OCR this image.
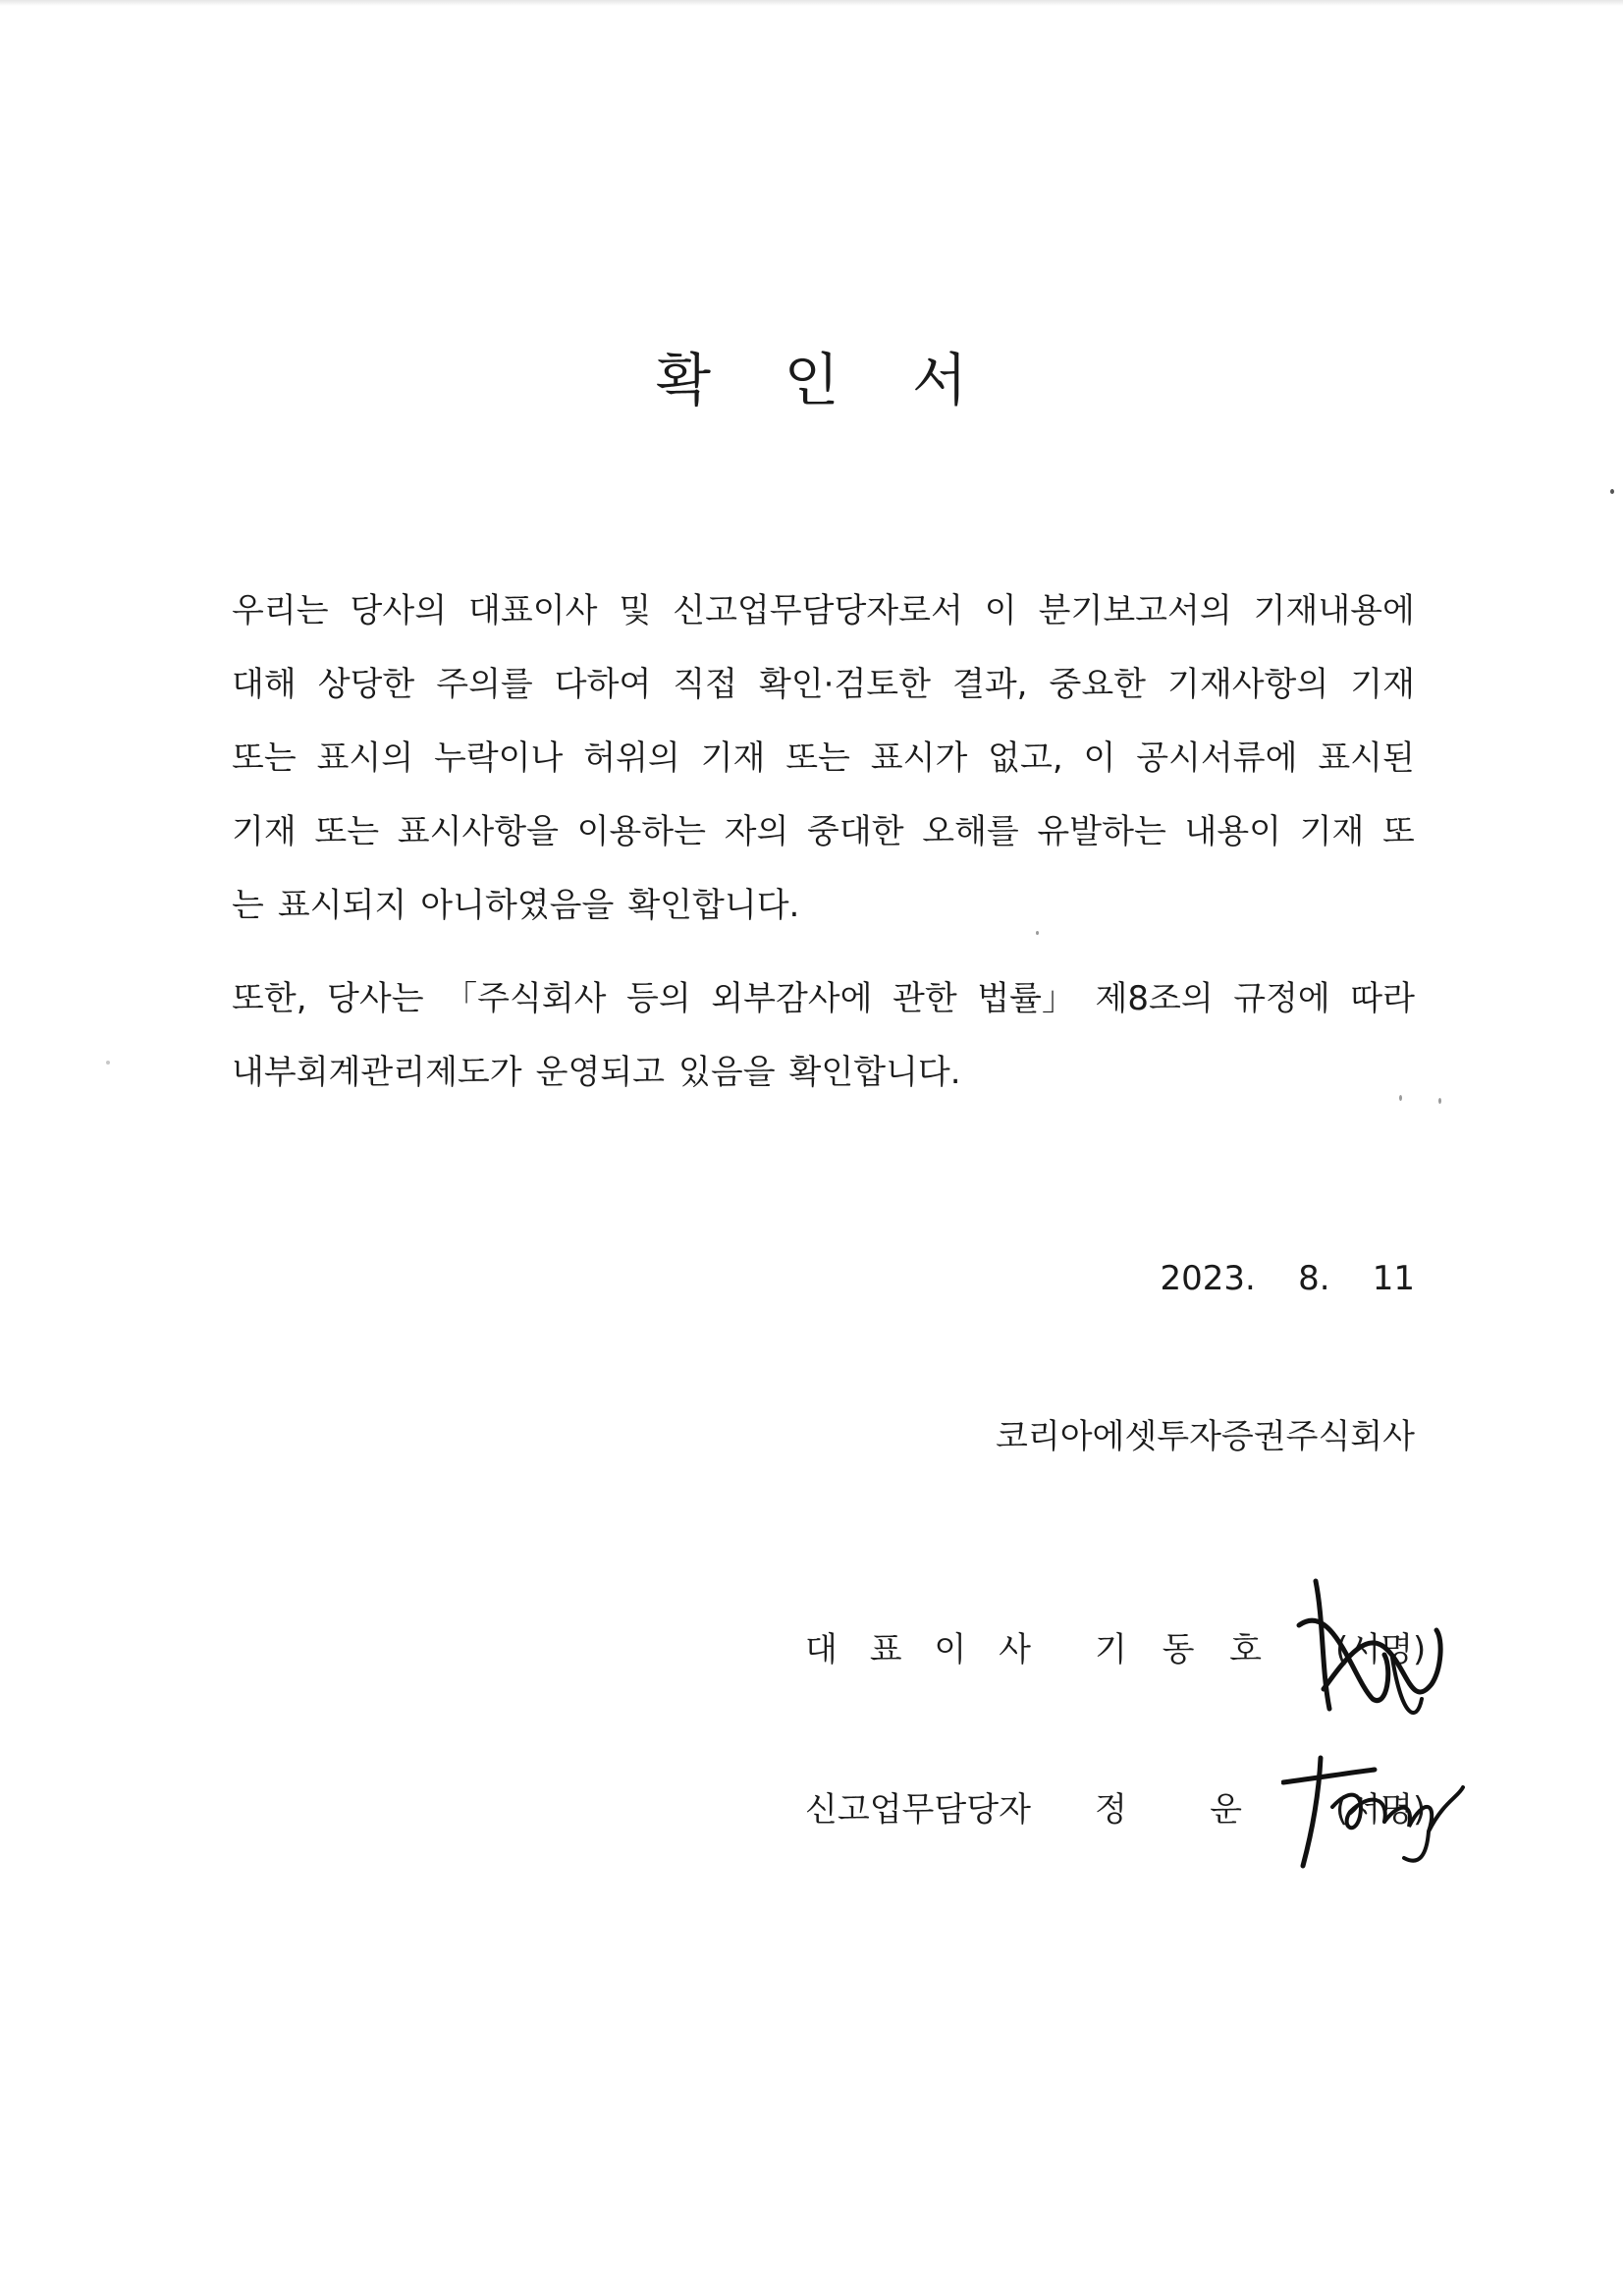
확 인 서
우리는 당사의 대표이사 및 신고업무담당자로서 이 분기보고서의 기재내용에
대해 상당한 주의를 다하여 직접 확인·검토한 결과, 중요한 기재사항의 기재
또는 표시의 누락이나 허위의 기재 또는 표시가 없고, 이 공시서류에 표시된
기재 또는 표시사항을 이용하는 자의 중대한 오해를 유발하는 내용이 기재 또
는 표시되지 아니하였음을 확인합니다.
또한, 당사는 「주식회사 등의 외부감사에 관한 법률」 제8조의 규정에 따라
내부회계관리제도가 운영되고 있음을 확인합니다.
2023.    8.    11
코리아에셋투자증권주식회사
대 표 이 사 기 동 호 (서명)
신고업무담당자 정 운	(서명)
